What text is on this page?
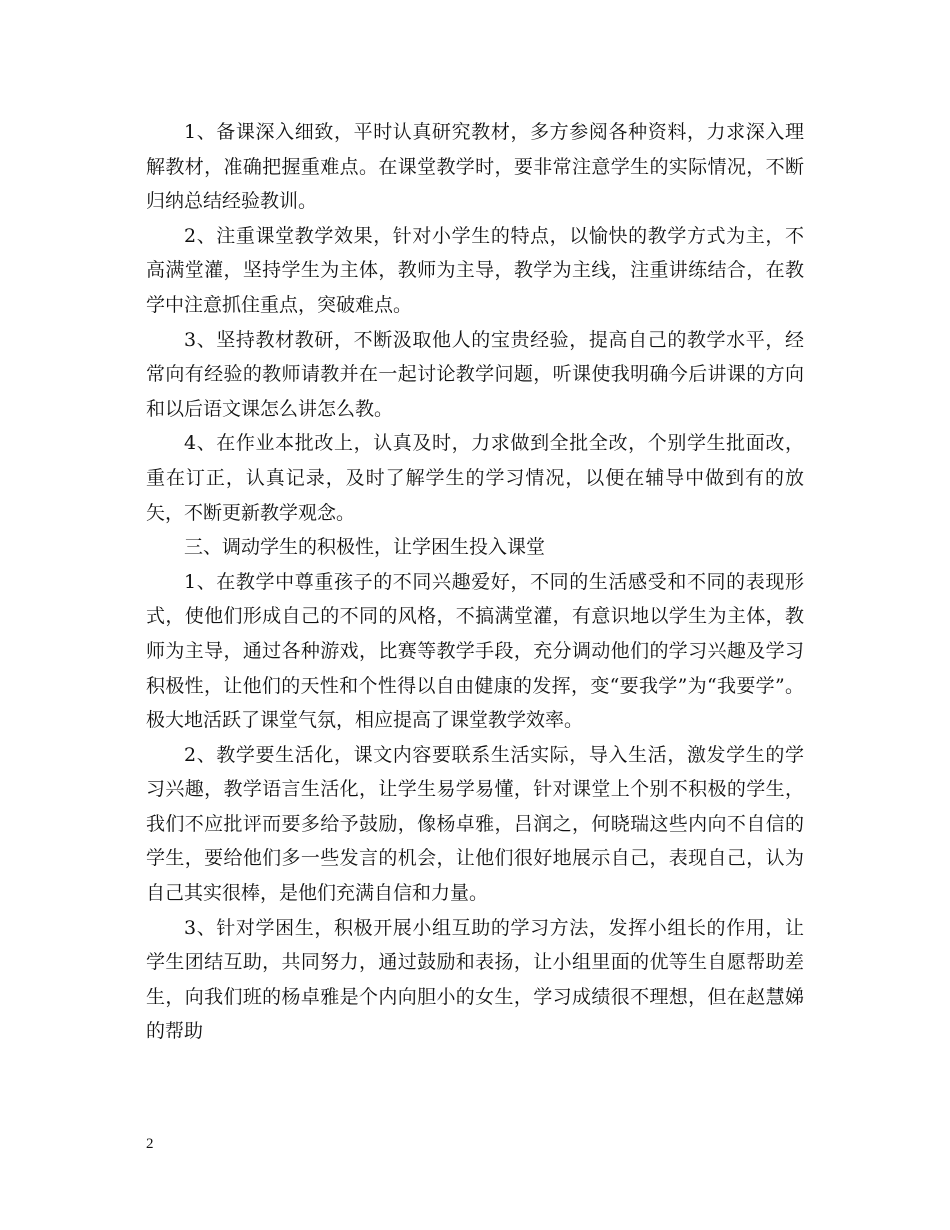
1、备课深入细致，平时认真研究教材，多方参阅各种资料，力求深入理解教材，准确把握重难点。在课堂教学时，要非常注意学生的实际情况，不断归纳总结经验教训。

2、注重课堂教学效果，针对小学生的特点，以愉快的教学方式为主，不高满堂灌，坚持学生为主体，教师为主导，教学为主线，注重讲练结合，在教学中注意抓住重点，突破难点。

3、坚持教材教研，不断汲取他人的宝贵经验，提高自己的教学水平，经常向有经验的教师请教并在一起讨论教学问题，听课使我明确今后讲课的方向和以后语文课怎么讲怎么教。

4、在作业本批改上，认真及时，力求做到全批全改，个别学生批面改，重在订正，认真记录，及时了解学生的学习情况，以便在辅导中做到有的放矢，不断更新教学观念。

三、调动学生的积极性，让学困生投入课堂

1、在教学中尊重孩子的不同兴趣爱好，不同的生活感受和不同的表现形式，使他们形成自己的不同的风格，不搞满堂灌，有意识地以学生为主体，教师为主导，通过各种游戏，比赛等教学手段，充分调动他们的学习兴趣及学习积极性，让他们的天性和个性得以自由健康的发挥，变“要我学”为“我要学”。极大地活跃了课堂气氛，相应提高了课堂教学效率。

2、教学要生活化，课文内容要联系生活实际，导入生活，激发学生的学习兴趣，教学语言生活化，让学生易学易懂，针对课堂上个别不积极的学生，我们不应批评而要多给予鼓励，像杨卓雅，吕润之，何晓瑞这些内向不自信的学生，要给他们多一些发言的机会，让他们很好地展示自己，表现自己，认为自己其实很棒，是他们充满自信和力量。

3、针对学困生，积极开展小组互助的学习方法，发挥小组长的作用，让学生团结互助，共同努力，通过鼓励和表扬，让小组里面的优等生自愿帮助差生，向我们班的杨卓雅是个内向胆小的女生，学习成绩很不理想，但在赵慧娣的帮助

2
